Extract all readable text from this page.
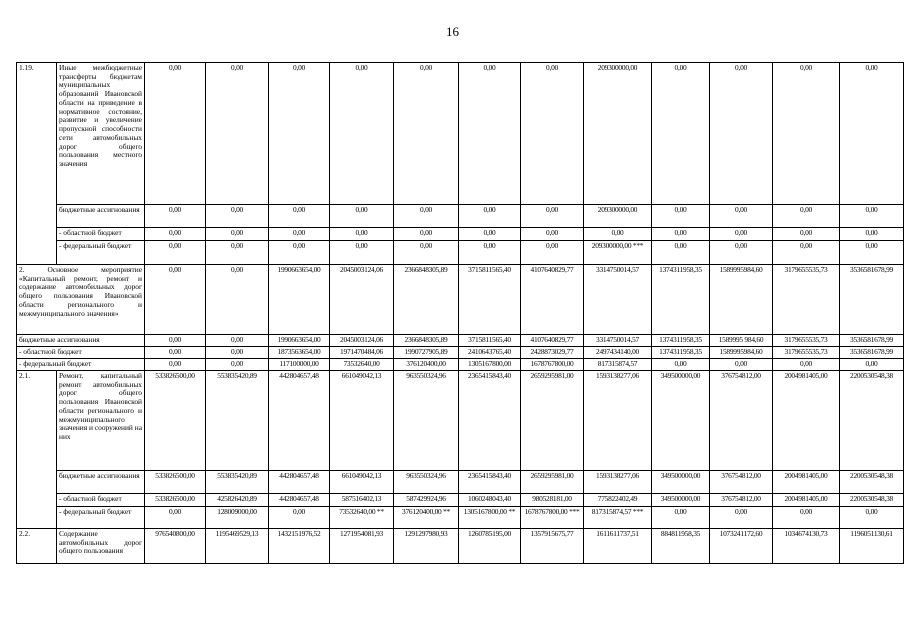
16
1.19.	Иные межбюджетные трансферты бюджетам муниципальных образований Ивановской области на приведение в нормативное состояние, развитие и увеличение пропускной способности сети автомобильных дорог общего пользования местного значения	0,00	0,00	0,00	0,00	0,00	0,00	0,00	209300000,00	0,00	0,00	0,00	0,00
	бюджетные ассигнования	0,00	0,00	0,00	0,00	0,00	0,00	0,00	209300000,00	0,00	0,00	0,00	0,00
	- областной бюджет	0,00	0,00	0,00	0,00	0,00	0,00	0,00	0,00	0,00	0,00	0,00	0,00
	- федеральный бюджет	0,00	0,00	0,00	0,00	0,00	0,00	0,00	209300000,00 ***	0,00	0,00	0,00	0,00
2. Основное мероприятие «Капитальный ремонт, ремонт и содержание автомобильных дорог общего пользования Ивановской области регионального и межмуниципального значения»		0,00	0,00	1990663654,00	2045003124,06	2366848305,89	3715811565,40	4107640829,77	3314750014,57	1374311958,35	1589995984,60	3179655535,73	3536581678,99
бюджетные ассигнования		0,00	0,00	1990663654,00	2045003124,06	2366848305,89	3715811565,40	4107640829,77	3314750014,57	1374311958,35	1589995 984,60	3179655535,73	3536581678,99
- областной бюджет		0,00	0,00	1873563654,00	1971470484,06	1990727905,89	2410643765,40	2428873029,77	2497434140,00	1374311958,35	1589995984,60	3179655535,73	3536581678,99
- федеральный бюджет		0,00	0,00	117100000,00	73532640,00	376120400,00	1305167800,00	1678767800,00	817315874,57	0,00	0,00	0,00	0,00
2.1.	Ремонт, капитальный ремонт автомобильных дорог общего пользования Ивановской области регионального и межмуниципального значения и сооружений на них	533826500,00	553835420,89	442804657,48	661049042,13	963550324,96	2365415843,40	2659295981,00	1593138277,06	349500000,00	376754812,00	2004981405,00	2200530548,38
	бюджетные ассигнования	533826500,00	553835420,89	442804657,48	661049042,13	963550324,96	2365415843,40	2659295981,00	1593138277,06	349500000,00	376754812,00	2004981405,00	2200530548,38
	- областной бюджет	533826500,00	425826420,89	442804657,48	587516402,13	587429924,96	1060248043,40	980528181,00	775822402,49	349500000,00	376754812,00	2004981405,00	2200530548,38
	- федеральный бюджет	0,00	128009000,00	0,00	73532640,00 **	376120400,00 **	1305167800,00 **	1678767800,00 ***	817315874,57 ***	0,00	0,00	0,00	0,00
2.2.	Содержание автомобильных дорог общего пользования	976540800,00	1195469529,13	1432151976,52	1271954081,93	1291297980,93	1260785195,00	1357915675,77	1611611737,51	884811958,35	1073241172,60	1034674130,73	1196051130,61
